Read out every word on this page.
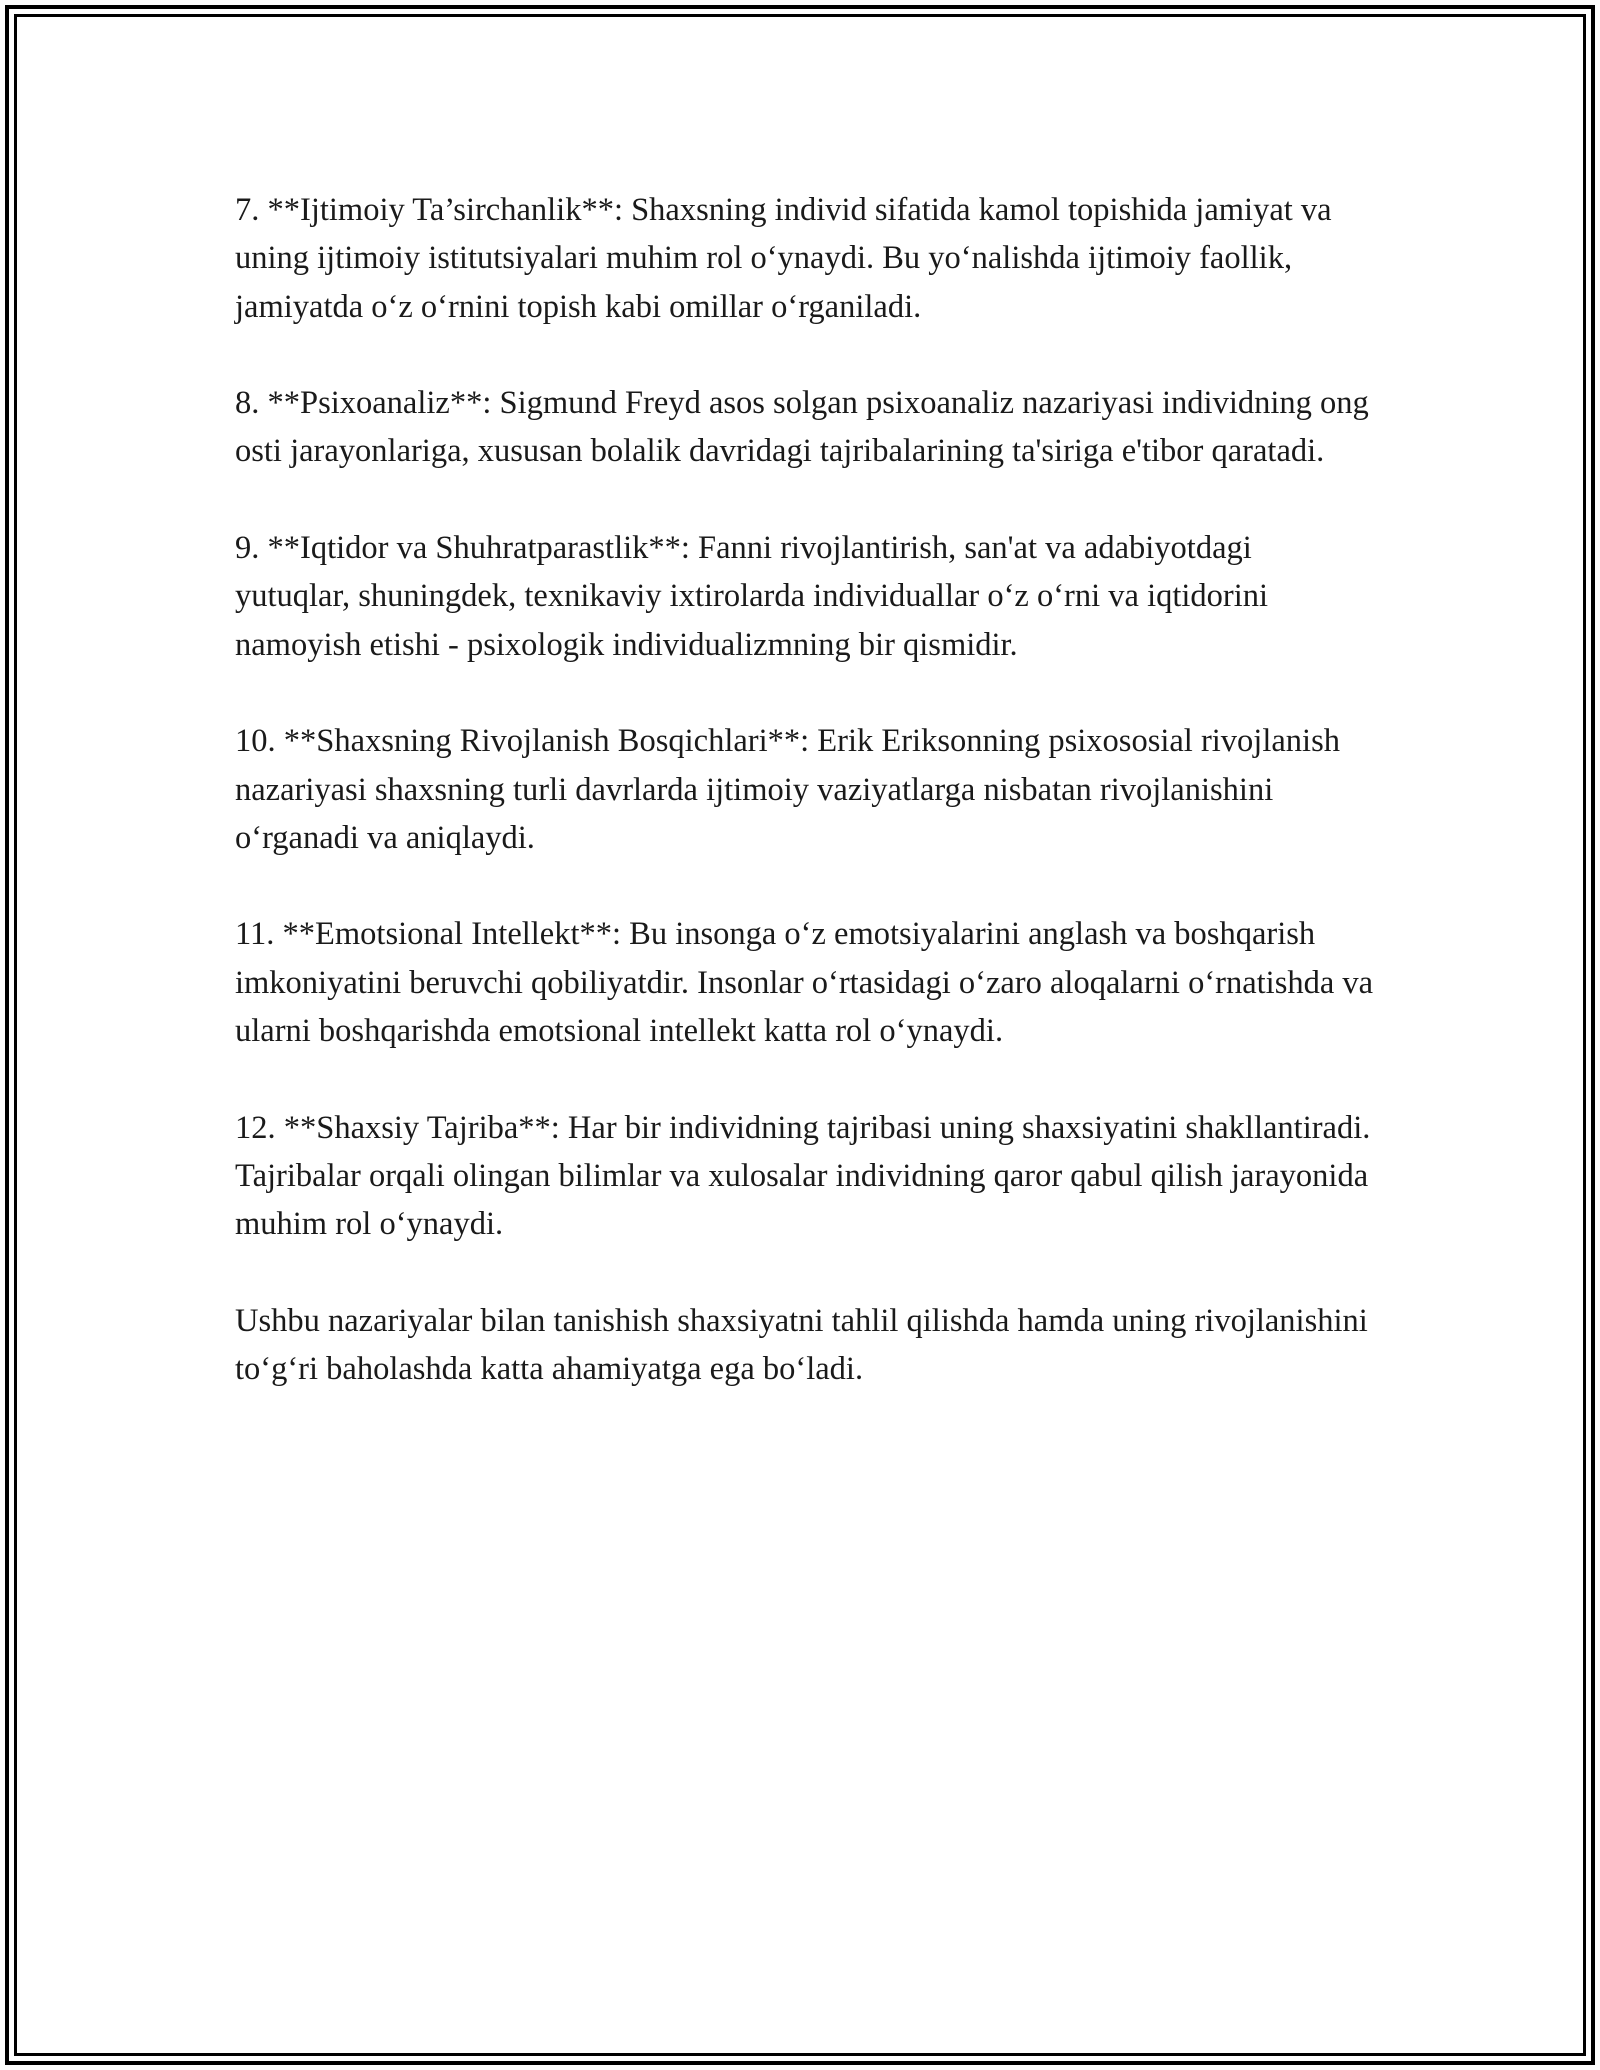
7. **Ijtimoiy Ta’sirchanlik**: Shaxsning individ sifatida kamol topishida jamiyat va uning ijtimoiy istitutsiyalari muhim rol o‘ynaydi. Bu yo‘nalishda ijtimoiy faollik, jamiyatda o‘z o‘rnini topish kabi omillar o‘rganiladi.

8. **Psixoanaliz**: Sigmund Freyd asos solgan psixoanaliz nazariyasi individning ong osti jarayonlariga, xususan bolalik davridagi tajribalarining ta'siriga e'tibor qaratadi.

9. **Iqtidor va Shuhratparastlik**: Fanni rivojlantirish, san'at va adabiyotdagi yutuqlar, shuningdek, texnikaviy ixtirolarda individuallar o‘z o‘rni va iqtidorini namoyish etishi - psixologik individualizmning bir qismidir.

10. **Shaxsning Rivojlanish Bosqichlari**: Erik Eriksonning psixososial rivojlanish nazariyasi shaxsning turli davrlarda ijtimoiy vaziyatlarga nisbatan rivojlanishini o‘rganadi va aniqlaydi.

11. **Emotsional Intellekt**: Bu insonga o‘z emotsiyalarini anglash va boshqarish imkoniyatini beruvchi qobiliyatdir. Insonlar o‘rtasidagi o‘zaro aloqalarni o‘rnatishda va ularni boshqarishda emotsional intellekt katta rol o‘ynaydi.

12. **Shaxsiy Tajriba**: Har bir individning tajribasi uning shaxsiyatini shakllantiradi. Tajribalar orqali olingan bilimlar va xulosalar individning qaror qabul qilish jarayonida muhim rol o‘ynaydi.

Ushbu nazariyalar bilan tanishish shaxsiyatni tahlil qilishda hamda uning rivojlanishini to‘g‘ri baholashda katta ahamiyatga ega bo‘ladi.
